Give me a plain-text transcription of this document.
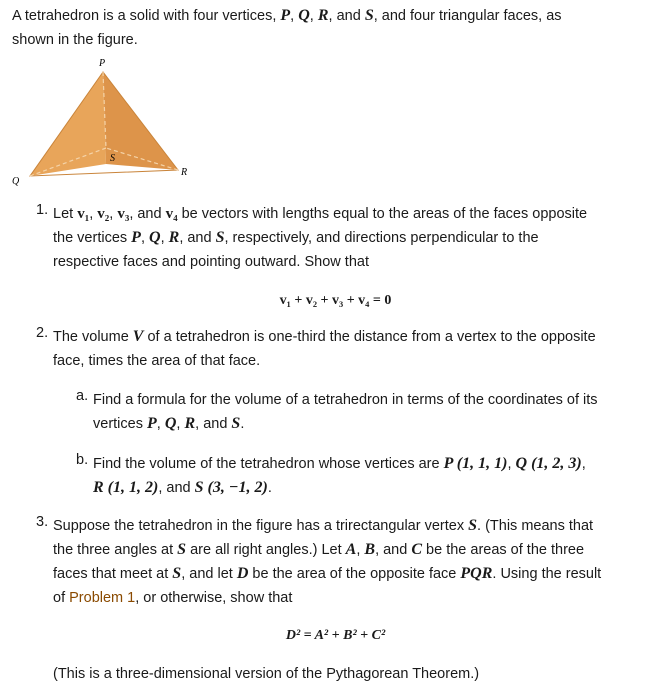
A tetrahedron is a solid with four vertices, P, Q, R, and S, and four triangular faces, as
shown in the figure.
P
Q
R
S
1. Let v₁, v₂, v₃, and v₄ be vectors with lengths equal to the areas of the faces opposite
the vertices P, Q, R, and S, respectively, and directions perpendicular to the
respective faces and pointing outward. Show that
v₁ + v₂ + v₃ + v₄ = 0
2. The volume V of a tetrahedron is one-third the distance from a vertex to the opposite
face, times the area of that face.
a. Find a formula for the volume of a tetrahedron in terms of the coordinates of its
vertices P, Q, R, and S.
b. Find the volume of the tetrahedron whose vertices are P (1, 1, 1), Q (1, 2, 3),
R (1, 1, 2), and S (3, −1, 2).
3. Suppose the tetrahedron in the figure has a trirectangular vertex S. (This means that
the three angles at S are all right angles.) Let A, B, and C be the areas of the three
faces that meet at S, and let D be the area of the opposite face PQR. Using the result
of Problem 1, or otherwise, show that
D² = A² + B² + C²
(This is a three-dimensional version of the Pythagorean Theorem.)
